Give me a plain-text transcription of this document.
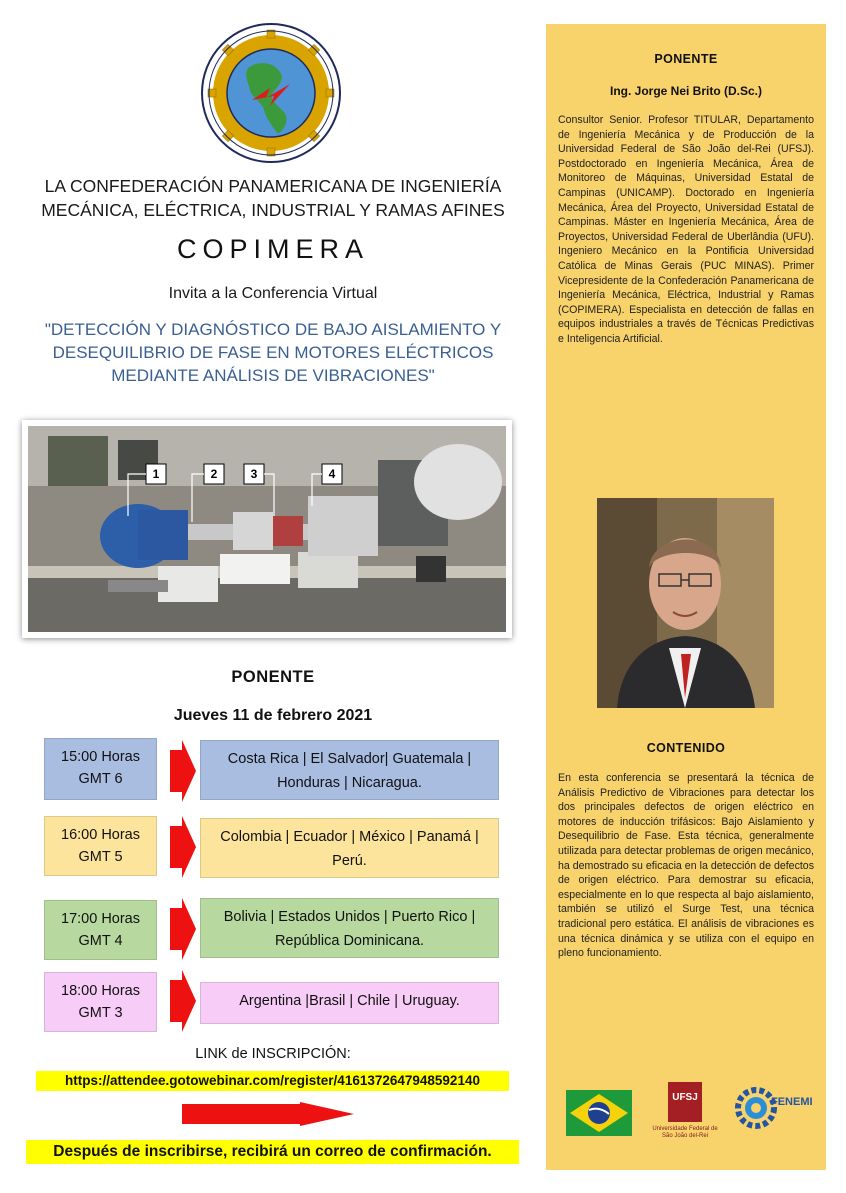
LA CONFEDERACIÓN PANAMERICANA DE INGENIERÍA MECÁNICA, ELÉCTRICA, INDUSTRIAL Y RAMAS AFINES
COPIMERA
Invita a la Conferencia Virtual
"DETECCIÓN Y DIAGNÓSTICO DE BAJO AISLAMIENTO Y DESEQUILIBRIO DE FASE EN MOTORES ELÉCTRICOS MEDIANTE ANÁLISIS DE VIBRACIONES"
1	2	3	4
PONENTE
Jueves 11 de febrero 2021
15:00 Horas
GMT 6
Costa Rica | El Salvador| Guatemala | Honduras | Nicaragua.
16:00 Horas
GMT 5
Colombia | Ecuador | México | Panamá | Perú.
17:00 Horas
GMT 4
Bolivia | Estados Unidos | Puerto Rico | República Dominicana.
18:00 Horas
GMT 3
Argentina |Brasil | Chile | Uruguay.
LINK de INSCRIPCIÓN:
https://attendee.gotowebinar.com/register/4161372647948592140
Después de inscribirse, recibirá un correo de confirmación.
PONENTE
Ing. Jorge Nei Brito (D.Sc.)
Consultor Senior. Profesor TITULAR, Departamento de Ingeniería Mecánica y de Producción de la Universidad Federal de São João del-Rei (UFSJ). Postdoctorado en Ingeniería Mecánica, Área de Monitoreo de Máquinas, Universidad Estatal de Campinas (UNICAMP). Doctorado en Ingeniería Mecánica, Área del Proyecto, Universidad Estatal de Campinas. Máster en Ingeniería Mecánica, Área de Proyectos, Universidad Federal de Uberlândia (UFU). Ingeniero Mecánico en la Pontificia Universidad Católica de Minas Gerais (PUC MINAS). Primer Vicepresidente de la Confederación Panamericana de Ingeniería Mecánica, Eléctrica, Industrial y Ramas (COPIMERA). Especialista en detección de fallas en equipos industriales a través de Técnicas Predictivas e Inteligencia Artificial.
CONTENIDO
En esta conferencia se presentará la técnica de Análisis Predictivo de Vibraciones para detectar los dos principales defectos de origen eléctrico en motores de inducción trifásicos: Bajo Aislamiento y Desequilibrio de Fase. Esta técnica, generalmente utilizada para detectar problemas de origen mecánico, ha demostrado su eficacia en la detección de defectos de origen eléctrico. Para demostrar su eficacia, especialmente en lo que respecta al bajo aislamiento, también se utilizó el Surge Test, una técnica tradicional pero estática. El análisis de vibraciones es una técnica dinámica y se utiliza con el equipo en pleno funcionamiento.
UFSJ
Universidade Federal de São João del-Rei
FENEMI
